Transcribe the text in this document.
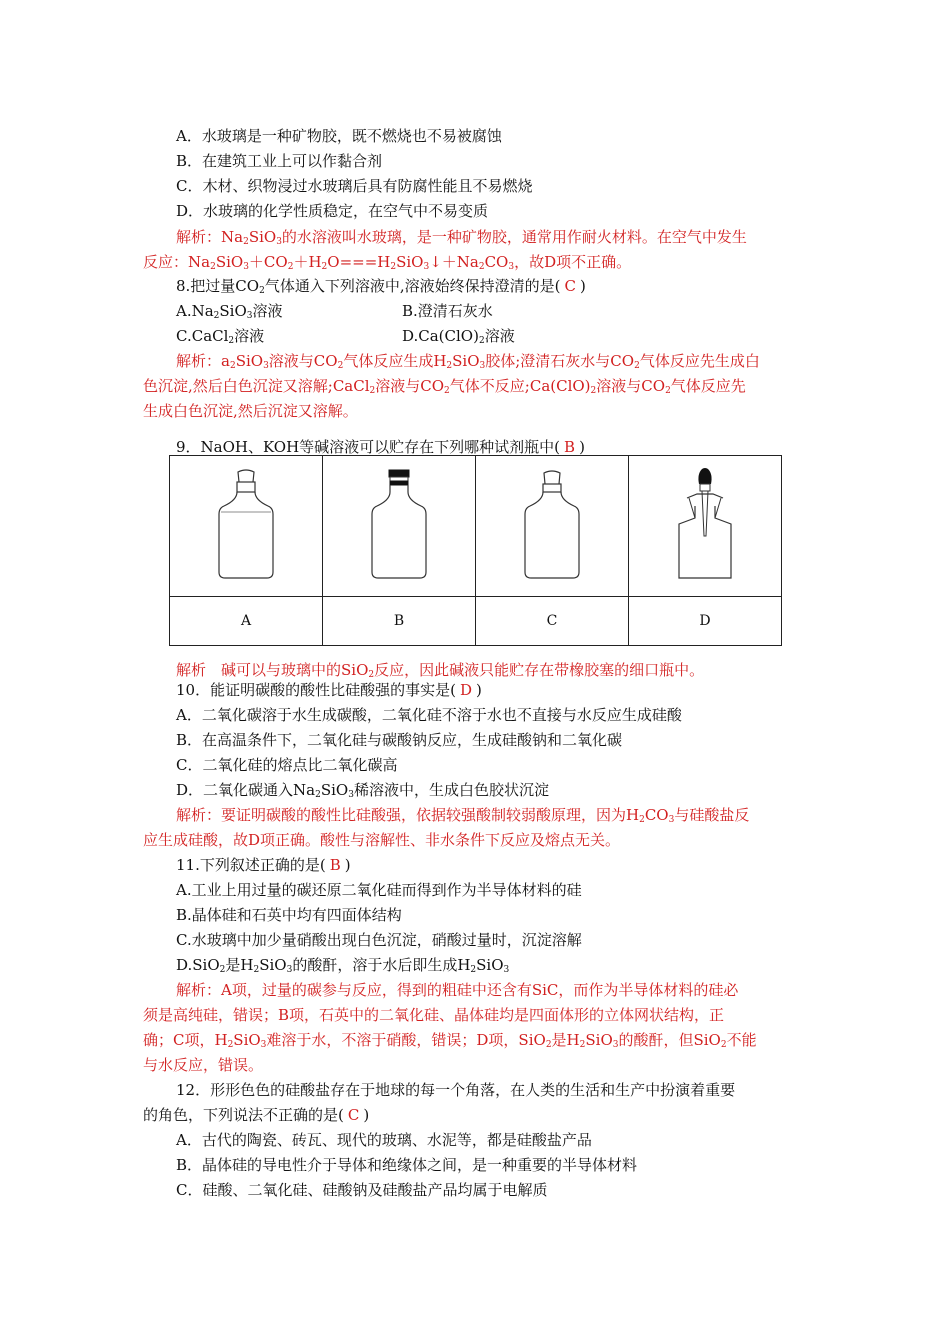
A．水玻璃是一种矿物胶，既不燃烧也不易被腐蚀
B．在建筑工业上可以作黏合剂
C．木材、织物浸过水玻璃后具有防腐性能且不易燃烧
D．水玻璃的化学性质稳定，在空气中不易变质
解析：$Na_2SiO_3$的水溶液叫水玻璃，是一种矿物胶，通常用作耐火材料。在空气中发生
反应：$Na_2SiO_3+CO_2+H_2O===H_2SiO_3↓+Na_2CO_3$，故D项不正确。
8.把过量$CO_2$气体通入下列溶液中,溶液始终保持澄清的是( C )
$A.Na_2SiO_3$溶液	B.澄清石灰水
C.CaCl$_2$溶液	$D.Ca(ClO)_2$溶液
解析：$a_2SiO_3$溶液与$CO_2$气体反应生成$H_2SiO_3$胶体;澄清石灰水与$CO_2$气体反应先生成白
色沉淀,然后白色沉淀又溶解;CaCl$_2$溶液与$CO_2$气体不反应$;Ca(ClO)_2$溶液与$CO_2$气体反应先
生成白色沉淀,然后沉淀又溶解。
9．NaOH、KOH等碱溶液可以贮存在下列哪种试剂瓶中( B )

A	B	C	D
解析　碱可以与玻璃中的SiO$_2$反应，因此碱液只能贮存在带橡胶塞的细口瓶中。
10．能证明碳酸的酸性比硅酸强的事实是( D )
A．二氧化碳溶于水生成碳酸，二氧化硅不溶于水也不直接与水反应生成硅酸
B．在高温条件下，二氧化硅与碳酸钠反应，生成硅酸钠和二氧化碳
C．二氧化硅的熔点比二氧化碳高
D．二氧化碳通入$Na_2SiO_3$稀溶液中，生成白色胶状沉淀
解析：要证明碳酸的酸性比硅酸强，依据较强酸制较弱酸原理，因为$H_2CO_3$与硅酸盐反
应生成硅酸，故D项正确。酸性与溶解性、非水条件下反应及熔点无关。
11.下列叙述正确的是( B )
A.工业上用过量的碳还原二氧化硅而得到作为半导体材料的硅
B.晶体硅和石英中均有四面体结构
C.水玻璃中加少量硝酸出现白色沉淀，硝酸过量时，沉淀溶解
D.SiO$_2$是$H_2SiO_3$的酸酐，溶于水后即生成$H_2SiO_3$
解析：A项，过量的碳参与反应，得到的粗硅中还含有SiC，而作为半导体材料的硅必
须是高纯硅，错误；B项，石英中的二氧化硅、晶体硅均是四面体形的立体网状结构，正
确；C项，$H_2SiO_3$难溶于水，不溶于硝酸，错误；D项，SiO$_2$是$H_2SiO_3$的酸酐，但SiO$_2$不能
与水反应，错误。
12．形形色色的硅酸盐存在于地球的每一个角落，在人类的生活和生产中扮演着重要
的角色，下列说法不正确的是( C )
A．古代的陶瓷、砖瓦、现代的玻璃、水泥等，都是硅酸盐产品
B．晶体硅的导电性介于导体和绝缘体之间，是一种重要的半导体材料
C．硅酸、二氧化硅、硅酸钠及硅酸盐产品均属于电解质
